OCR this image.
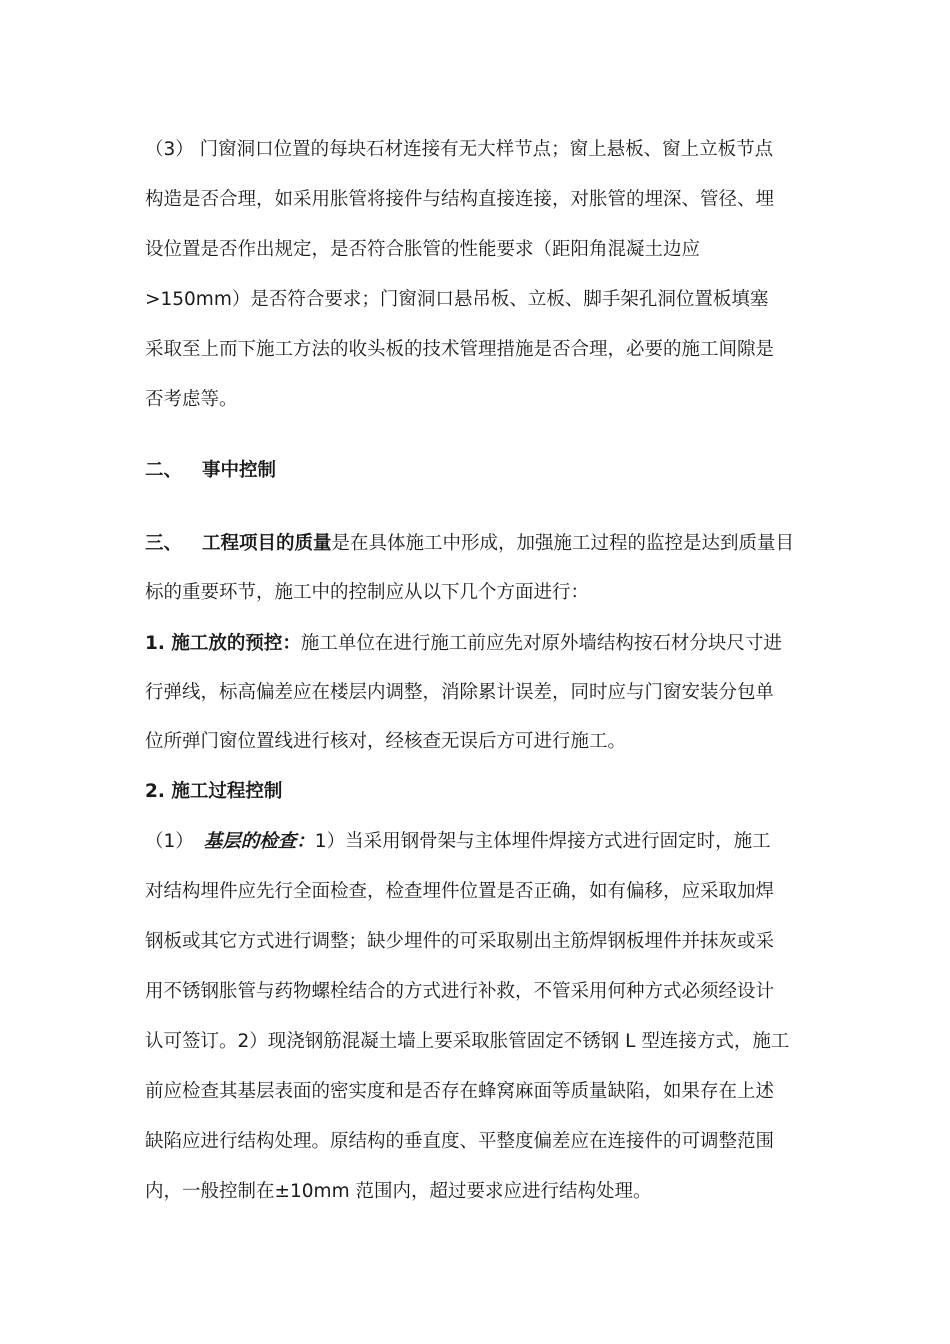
（3） 门窗洞口位置的每块石材连接有无大样节点；窗上悬板、窗上立板节点
构造是否合理，如采用胀管将接件与结构直接连接，对胀管的埋深、管径、埋
设位置是否作出规定，是否符合胀管的性能要求（距阳角混凝土边应
>150mm）是否符合要求；门窗洞口悬吊板、立板、脚手架孔洞位置板填塞
采取至上而下施工方法的收头板的技术管理措施是否合理，必要的施工间隙是
否考虑等。
二、 事中控制
三、 工程项目的质量是在具体施工中形成，加强施工过程的监控是达到质量目
标的重要环节，施工中的控制应从以下几个方面进行：
1. 施工放的预控：施工单位在进行施工前应先对原外墙结构按石材分块尺寸进
行弹线，标高偏差应在楼层内调整，消除累计误差，同时应与门窗安装分包单
位所弹门窗位置线进行核对，经核查无误后方可进行施工。
2. 施工过程控制
（1） 基层的检查：1）当采用钢骨架与主体埋件焊接方式进行固定时，施工
对结构埋件应先行全面检查，检查埋件位置是否正确，如有偏移，应采取加焊
钢板或其它方式进行调整；缺少埋件的可采取剔出主筋焊钢板埋件并抹灰或采
用不锈钢胀管与药物螺栓结合的方式进行补救，不管采用何种方式必须经设计
认可签订。2）现浇钢筋混凝土墙上要采取胀管固定不锈钢 L 型连接方式，施工
前应检查其基层表面的密实度和是否存在蜂窝麻面等质量缺陷，如果存在上述
缺陷应进行结构处理。原结构的垂直度、平整度偏差应在连接件的可调整范围
内，一般控制在±10mm 范围内，超过要求应进行结构处理。
